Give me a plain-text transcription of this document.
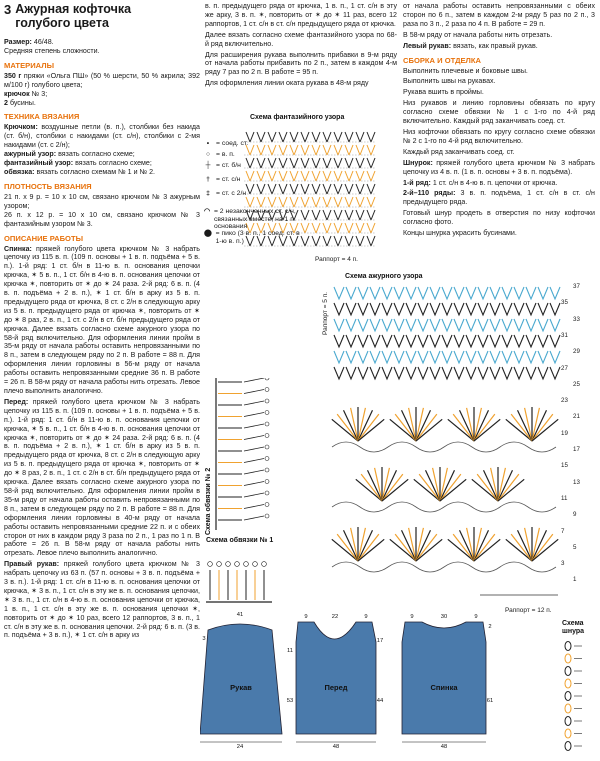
3 Ажурная кофточка
голубого цвета

Размер: 46/48.
Средняя степень сложности.

МАТЕРИАЛЫ

350 г пряжи «Ольга ПШ» (50 % шерсти, 50 % акрила; 392 м/100 г) голубого цвета;
крючок № 3;
2 бусины.

ТЕХНИКА ВЯЗАНИЯ

Крючком: воздушные петли (в. п.), столбики без накида (ст. б/н), столбики с накидами (ст. с/н), столбики с 2-мя накидами (ст. с 2/н);
ажурный узор: вязать согласно схеме;
фантазийный узор: вязать согласно схеме;
обвязка: вязать согласно схемам № 1 и № 2.

ПЛОТНОСТЬ ВЯЗАНИЯ

21 п. х 9 р. = 10 х 10 см, связано крючком № 3 ажурным узором;
26 п. х 12 р. = 10 х 10 см, связано крючком № 3 фантазийным узором № 3.

ОПИСАНИЕ РАБОТЫ

Спинка: пряжей голубого цвета крючком № 3 набрать цепочку из 115 в. п. (109 п. основы + 1 в. п. подъёма + 5 в. п.). 1-й ряд: 1 ст. б/н в 11-ю в. п. основания цепочки крючка, ✶ 5 в. п., 1 ст. б/н в 4-ю в. п. основания цепочки от крючка ✶, повторить от ✶ до ✶ 24 раза. 2-й ряд: 6 в. п. (4 в. п. подъёма + 2 в. п.), ✶ 1 ст. б/н в арку из 5 в. п. предыдущего ряда от крючка, 8 ст. с 2/н в следующую арку из 5 в. п. предыдущего ряда от крючка ✶, повторить от ✶ до ✶ 8 раз, 2 в. п., 1 ст. с 2/н в ст. б/н предыдущего ряда от крючка. Далее вязать согласно схеме ажурного узора по 58-й ряд включительно. Для оформления линии пройм в 35-м ряду от начала работы оставить непровязанными по 8 п., затем в следующем ряду по 2 п. В работе = 88 п. Для оформления линии горловины в 56-м ряду от начала работы оставить непровязанными средние 36 п. В работе = 26 п. В 58-м ряду от начала работы нить отрезать. Левое плечо выполнить аналогично.

Перед: пряжей голубого цвета крючком № 3 набрать цепочку из 115 в. п. (109 п. основы + 1 в. п. подъёма + 5 в. п.). 1-й ряд: 1 ст. б/н в 11-ю в. п. основания цепочки от крючка, ✶ 5 в. п., 1 ст. б/н в 4-ю в. п. основания цепочки от крючка ✶, повторить от ✶ до ✶ 24 раза. 2-й ряд: 6 в. п. (4 в. п. подъёма + 2 в. п.), ✶ 1 ст. б/н в арку из 5 в. п. предыдущего ряда от крючка, 8 ст. с 2/н в следующую арку из 5 в. п. предыдущего ряда от крючка ✶, повторить от ✶ до ✶ 8 раз, 2 в. п., 1 ст. с 2/н в ст. б/н предыдущего ряда от крючка. Далее вязать согласно схеме ажурного узора по 58-й ряд включительно. Для оформления линии пройм в 35-м ряду от начала работы оставить непровязанными по 8 п., затем в следующем ряду по 2 п. В работе = 88 п. Для оформления линии горловины в 40-м ряду от начала работы оставить непровязанными средние 22 п. и с обеих сторон от них в каждом ряду 3 раза по 2 п., 1 раз по 1 п. В работе = 26 п. В 58-м ряду от начала работы нить отрезать. Левое плечо выполнить аналогично.

Правый рукав: пряжей голубого цвета крючком № 3 набрать цепочку из 63 п. (57 п. основы + 3 в. п. подъёма + 3 в. п.). 1-й ряд: 1 ст. с/н в 11-ю в. п. основания цепочки от крючка, ✶ 3 в. п., 1 ст. с/н в эту же в. п. основания цепочки, ✶ 3 в. п., 1 ст. с/н в 4-ю в. п. основания цепочки от крючка, 1 в. п., 1 ст. с/н в эту же в. п. основания цепочки ✶, повторить от ✶ до ✶ 10 раз, всего 12 раппортов, 3 в. п., 1 ст. с/н в эту же в. п. основания цепочки. 2-й ряд: 6 в. п. (3 в. п. подъёма + 3 в. п.), ✶ 1 ст. с/н в арку из

в. п. предыдущего ряда от крючка, 1 в. п., 1 ст. с/н в эту же арку, 3 в. п. ✶, повторить от ✶ до ✶ 11 раз, всего 12 раппортов, 1 ст. с/н в ст. с/н предыдущего ряда от крючка.

Далее вязать согласно схеме фантазийного узора по 68-й ряд включительно.

Для расширения рукава выполнить прибавки в 9-м ряду от начала работы прибавить по 2 п., затем в каждом 4-м ряду 7 раз по 2 п. В работе = 95 п.

Для оформления линии оката рукава в 48-м ряду

от начала работы оставить непровязанными с обеих сторон по 6 п., затем в каждом 2-м ряду 5 раз по 2 п., 3 раза по 3 п., 2 раза по 4 п. В работе = 29 п.

В 58-м ряду от начала работы нить отрезать.

Левый рукав: вязать, как правый рукав.

СБОРКА И ОТДЕЛКА

Выполнить плечевые и боковые швы.

Выполнить швы на рукавах.

Рукава вшить в проймы.

Низ рукавов и линию горловины обвязать по кругу согласно схеме обвязки № 1 с 1-го по 4-й ряд включительно. Каждый ряд заканчивать соед. ст.

Низ кофточки обвязать по кругу согласно схеме обвязки № 2 с 1-го по 4-й ряд включительно.

Каждый ряд заканчивать соед. ст.

Шнурок: пряжей голубого цвета крючком № 3 набрать цепочку из 4 в. п. (1 в. п. основы + 3 в. п. подъёма).

1-й ряд: 1 ст. с/н в 4-ю в. п. цепочки от крючка.

2-й–110 ряды: 3 в. п. подъёма, 1 ст. с/н в ст. с/н предыдущего ряда.

Готовый шнур продеть в отверстия по низу кофточки согласно фото.

Концы шнурка украсить бусинами.

Схема фантазийного узора
Раппорт = 4 п.
•	= соед. ст.
○ = в. п.
┼ = ст. б/н
† = ст. с/н
‡ = ст. с 2/н
◠ = 2 незаконченных ст. с/н, связанных вместе, на 1 п. основания
⬤ = пико (3 в. п., 1 соед. ст. в 1-ю в. п.)
Схема ажурного узора
37
35
33
31
29
27
25
23
21
19
17
15
13
11
9
7
5
3
1
Раппорт = 5 п.
Раппорт = 12 п.
Схема обвязки № 2
Схема обвязки № 1
Рукав	Перед	Спинка
41
3
11
53
24
9	22	9
17
44
48
9	30	9
2
61
48
Схема шнура
